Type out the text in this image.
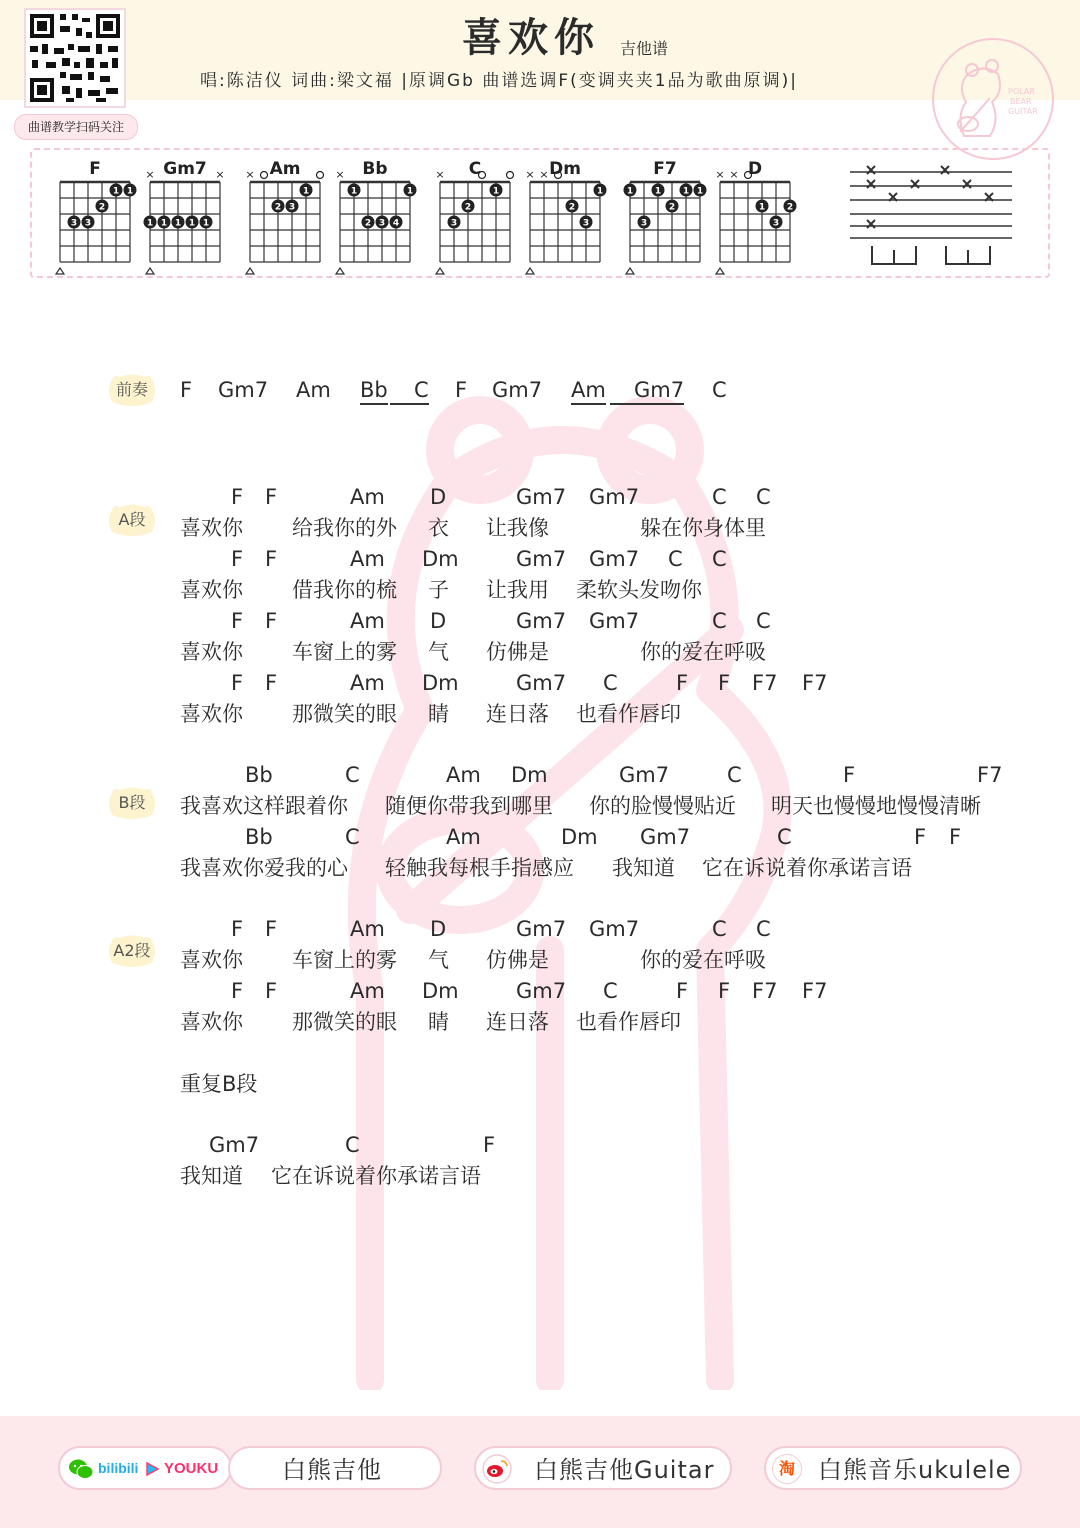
曲谱教学扫码关注
喜欢你 吉他谱
唱:陈洁仪 词曲:梁文福 |原调Gb 曲谱选调F(变调夹夹1品为歌曲原调)|
POLAR
BEAR
GUITAR
F
3 3
2
1 1
Gm7
×	×
1 1 1 1
1
Am
×
2 3
1
Bb
×
1
2 3 4
1
C
×
3
2
1
Dm
× ×
2
3
1
F7
1
3
1
2
1 1
D
× ×
1
3
2
前奏
A段
B段
A2段
F Gm7 Am Bb	C F Gm7 Am	Gm7 C
F F	Am D	Gm7 Gm7	C C
喜欢你 给我你的外 衣 让我像	躲在你身体里
F F	Am Dm	Gm7 Gm7 C C
喜欢你 借我你的梳 子 让我用 柔软头发吻你
F F	Am D	Gm7 Gm7	C C
喜欢你 车窗上的雾 气 仿佛是	你的爱在呼吸
F F	Am Dm	Gm7 C	F F F7 F7
喜欢你 那微笑的眼 睛 连日落 也看作唇印
Bb	C	Am Dm	Gm7	C	F	F7
我喜欢这样跟着你 随便你带我到哪里 你的脸慢慢贴近 明天也慢慢地慢慢清晰
Bb	C	Am	Dm Gm7	C	F F
我喜欢你爱我的心 轻触我每根手指感应 我知道 它在诉说着你承诺言语
F F	Am D	Gm7 Gm7	C C
喜欢你 车窗上的雾 气 仿佛是	你的爱在呼吸
F F	Am Dm	Gm7 C	F F F7 F7
喜欢你 那微笑的眼 睛 连日落 也看作唇印
重复B段
Gm7	C	F
我知道 它在诉说着你承诺言语
bilibili YOUKU	白熊吉他	白熊吉他Guitar	淘 白熊音乐ukulele
